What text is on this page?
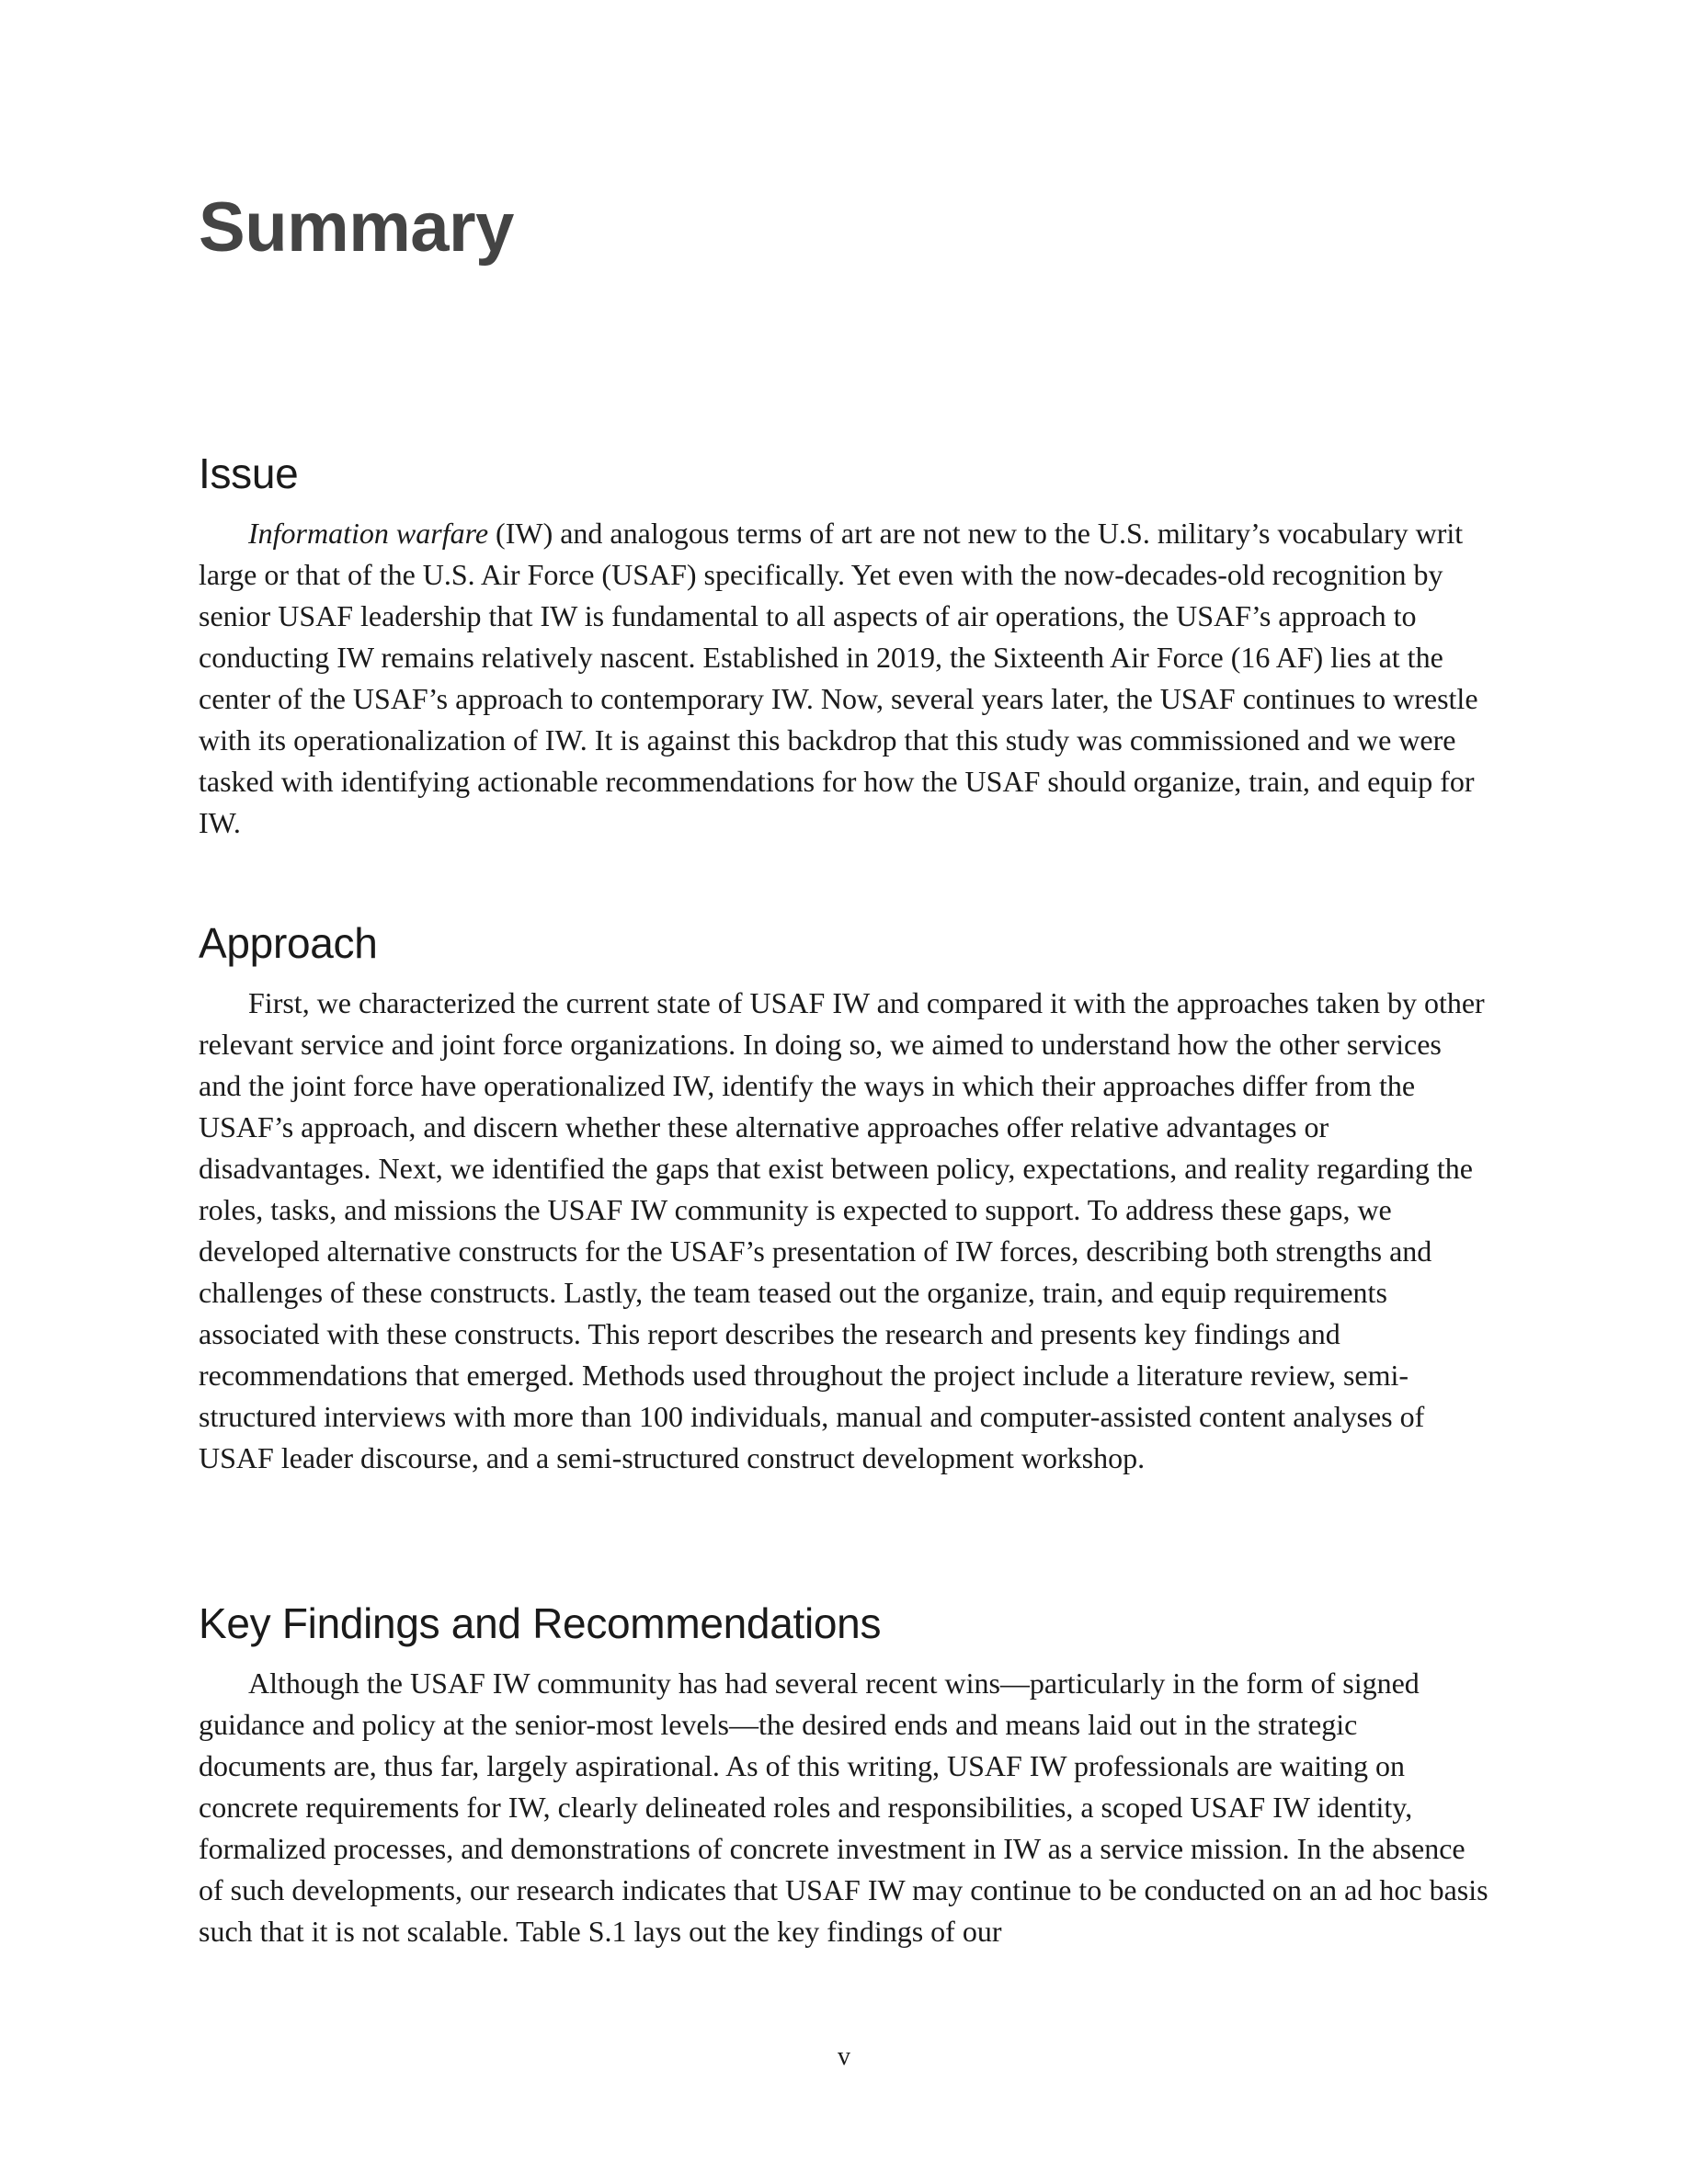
Summary
Issue

Information warfare (IW) and analogous terms of art are not new to the U.S. military’s vocabulary writ large or that of the U.S. Air Force (USAF) specifically. Yet even with the now-decades-old recognition by senior USAF leadership that IW is fundamental to all aspects of air operations, the USAF’s approach to conducting IW remains relatively nascent. Established in 2019, the Sixteenth Air Force (16 AF) lies at the center of the USAF’s approach to contemporary IW. Now, several years later, the USAF continues to wrestle with its operationalization of IW. It is against this backdrop that this study was commissioned and we were tasked with identifying actionable recommendations for how the USAF should organize, train, and equip for IW.

Approach

First, we characterized the current state of USAF IW and compared it with the approaches taken by other relevant service and joint force organizations. In doing so, we aimed to understand how the other services and the joint force have operationalized IW, identify the ways in which their approaches differ from the USAF’s approach, and discern whether these alternative approaches offer relative advantages or disadvantages. Next, we identified the gaps that exist between policy, expectations, and reality regarding the roles, tasks, and missions the USAF IW community is expected to support. To address these gaps, we developed alternative constructs for the USAF’s presentation of IW forces, describing both strengths and challenges of these constructs. Lastly, the team teased out the organize, train, and equip requirements associated with these constructs. This report describes the research and presents key findings and recommendations that emerged. Methods used throughout the project include a literature review, semi-structured interviews with more than 100 individuals, manual and computer-assisted content analyses of USAF leader discourse, and a semi-structured construct development workshop.

Key Findings and Recommendations

Although the USAF IW community has had several recent wins—particularly in the form of signed guidance and policy at the senior-most levels—the desired ends and means laid out in the strategic documents are, thus far, largely aspirational. As of this writing, USAF IW professionals are waiting on concrete requirements for IW, clearly delineated roles and responsibilities, a scoped USAF IW identity, formalized processes, and demonstrations of concrete investment in IW as a service mission. In the absence of such developments, our research indicates that USAF IW may continue to be conducted on an ad hoc basis such that it is not scalable. Table S.1 lays out the key findings of our

v
